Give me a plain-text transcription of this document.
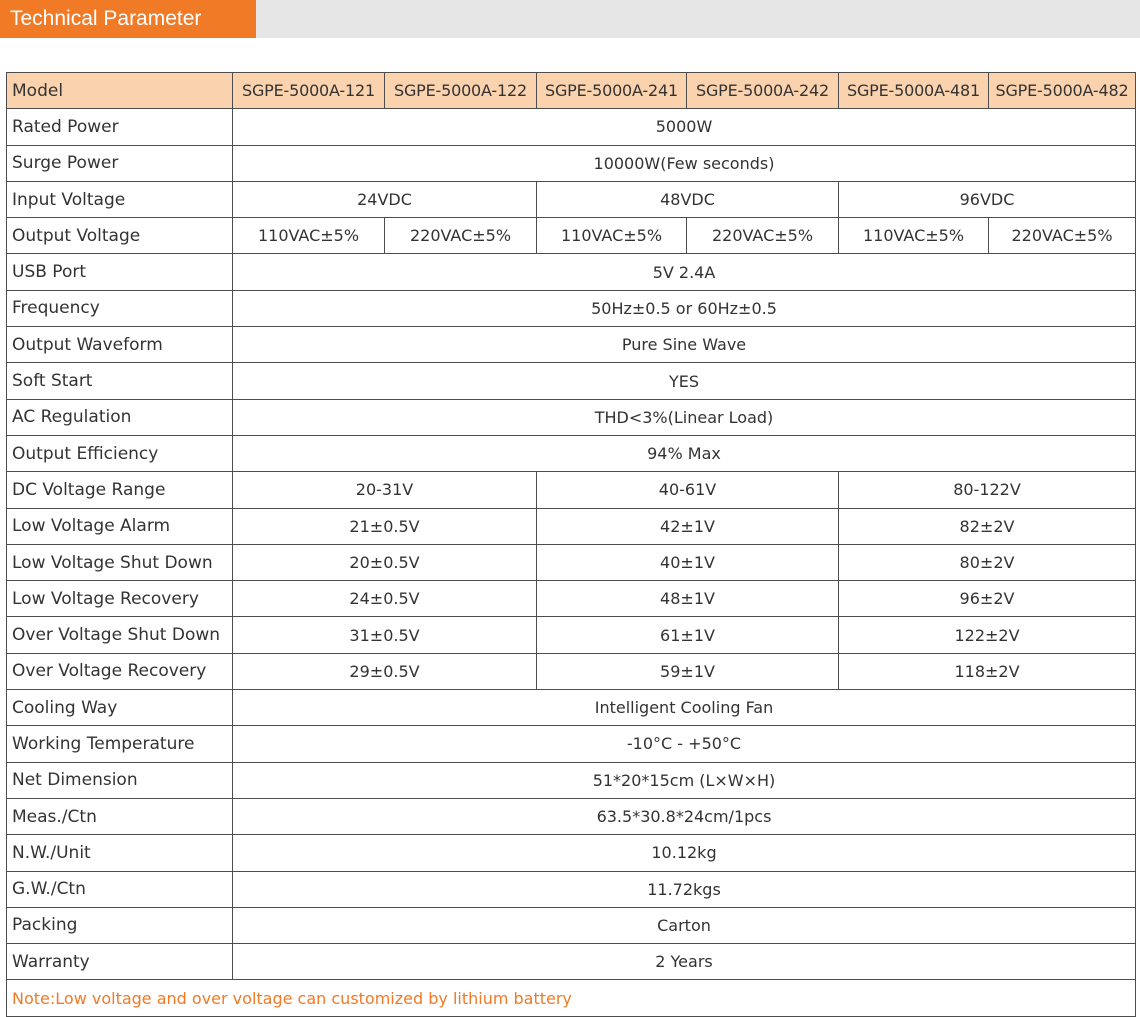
Technical Parameter
Model	SGPE-5000A-121	SGPE-5000A-122	SGPE-5000A-241	SGPE-5000A-242	SGPE-5000A-481	SGPE-5000A-482
Rated Power	5000W					
Surge Power	10000W(Few seconds)					
Input Voltage	24VDC		48VDC		96VDC	
Output Voltage	110VAC±5%	220VAC±5%	110VAC±5%	220VAC±5%	110VAC±5%	220VAC±5%
USB Port	5V 2.4A					
Frequency	50Hz±0.5 or 60Hz±0.5					
Output Waveform	Pure Sine Wave					
Soft Start	YES					
AC Regulation	THD<3%(Linear Load)					
Output Efficiency	94% Max					
DC Voltage Range	20-31V		40-61V		80-122V	
Low Voltage Alarm	21±0.5V		42±1V		82±2V	
Low Voltage Shut Down	20±0.5V		40±1V		80±2V	
Low Voltage Recovery	24±0.5V		48±1V		96±2V	
Over Voltage Shut Down	31±0.5V		61±1V		122±2V	
Over Voltage Recovery	29±0.5V		59±1V		118±2V	
Cooling Way	Intelligent Cooling Fan					
Working Temperature	-10°C - +50°C					
Net Dimension	51*20*15cm (L×W×H)					
Meas./Ctn	63.5*30.8*24cm/1pcs					
N.W./Unit	10.12kg					
G.W./Ctn	11.72kgs					
Packing	Carton					
Warranty	2 Years					
Note:Low voltage and over voltage can customized by lithium battery						
